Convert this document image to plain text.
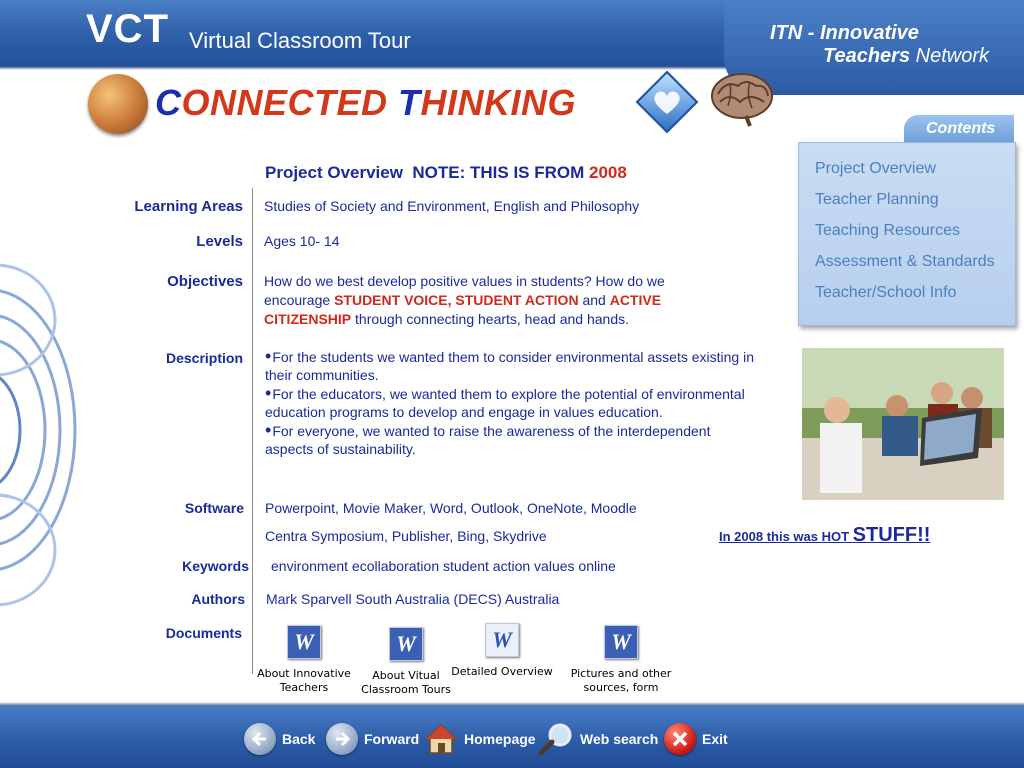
VCT Virtual Classroom Tour	ITN - Innovative
Teachers Network
CONNECTED THINKING
Contents
Project Overview
Teacher Planning
Teaching Resources
Assessment & Standards
Teacher/School Info
Project Overview  NOTE: THIS IS FROM 2008
Learning Areas Studies of Society and Environment, English and Philosophy
Levels Ages 10- 14
Objectives How do we best develop positive values in students? How do we encourage STUDENT VOICE, STUDENT ACTION and ACTIVE CITIZENSHIP through connecting hearts, head and hands.
Description
•	For the students we wanted them to consider environmental assets existing in their communities.
• For the educators, we wanted them to explore the potential of environmental education programs to develop and engage in values education.
• For everyone, we wanted to raise the awareness of the interdependent aspects of sustainability.
Software Powerpoint, Movie Maker, Word, Outlook, OneNote, Moodle
Centra Symposium, Publisher, Bing, Skydrive
Keywords environment ecollaboration student action values online
Authors Mark Sparvell South Australia (DECS) Australia
Documents
In 2008 this was HOT STUFF!!
W
About Innovative Teachers
W
About Vitual Classroom Tours
W
Detailed Overview
W
Pictures and other sources, form
Back	Forward	Homepage	Web search	Exit
